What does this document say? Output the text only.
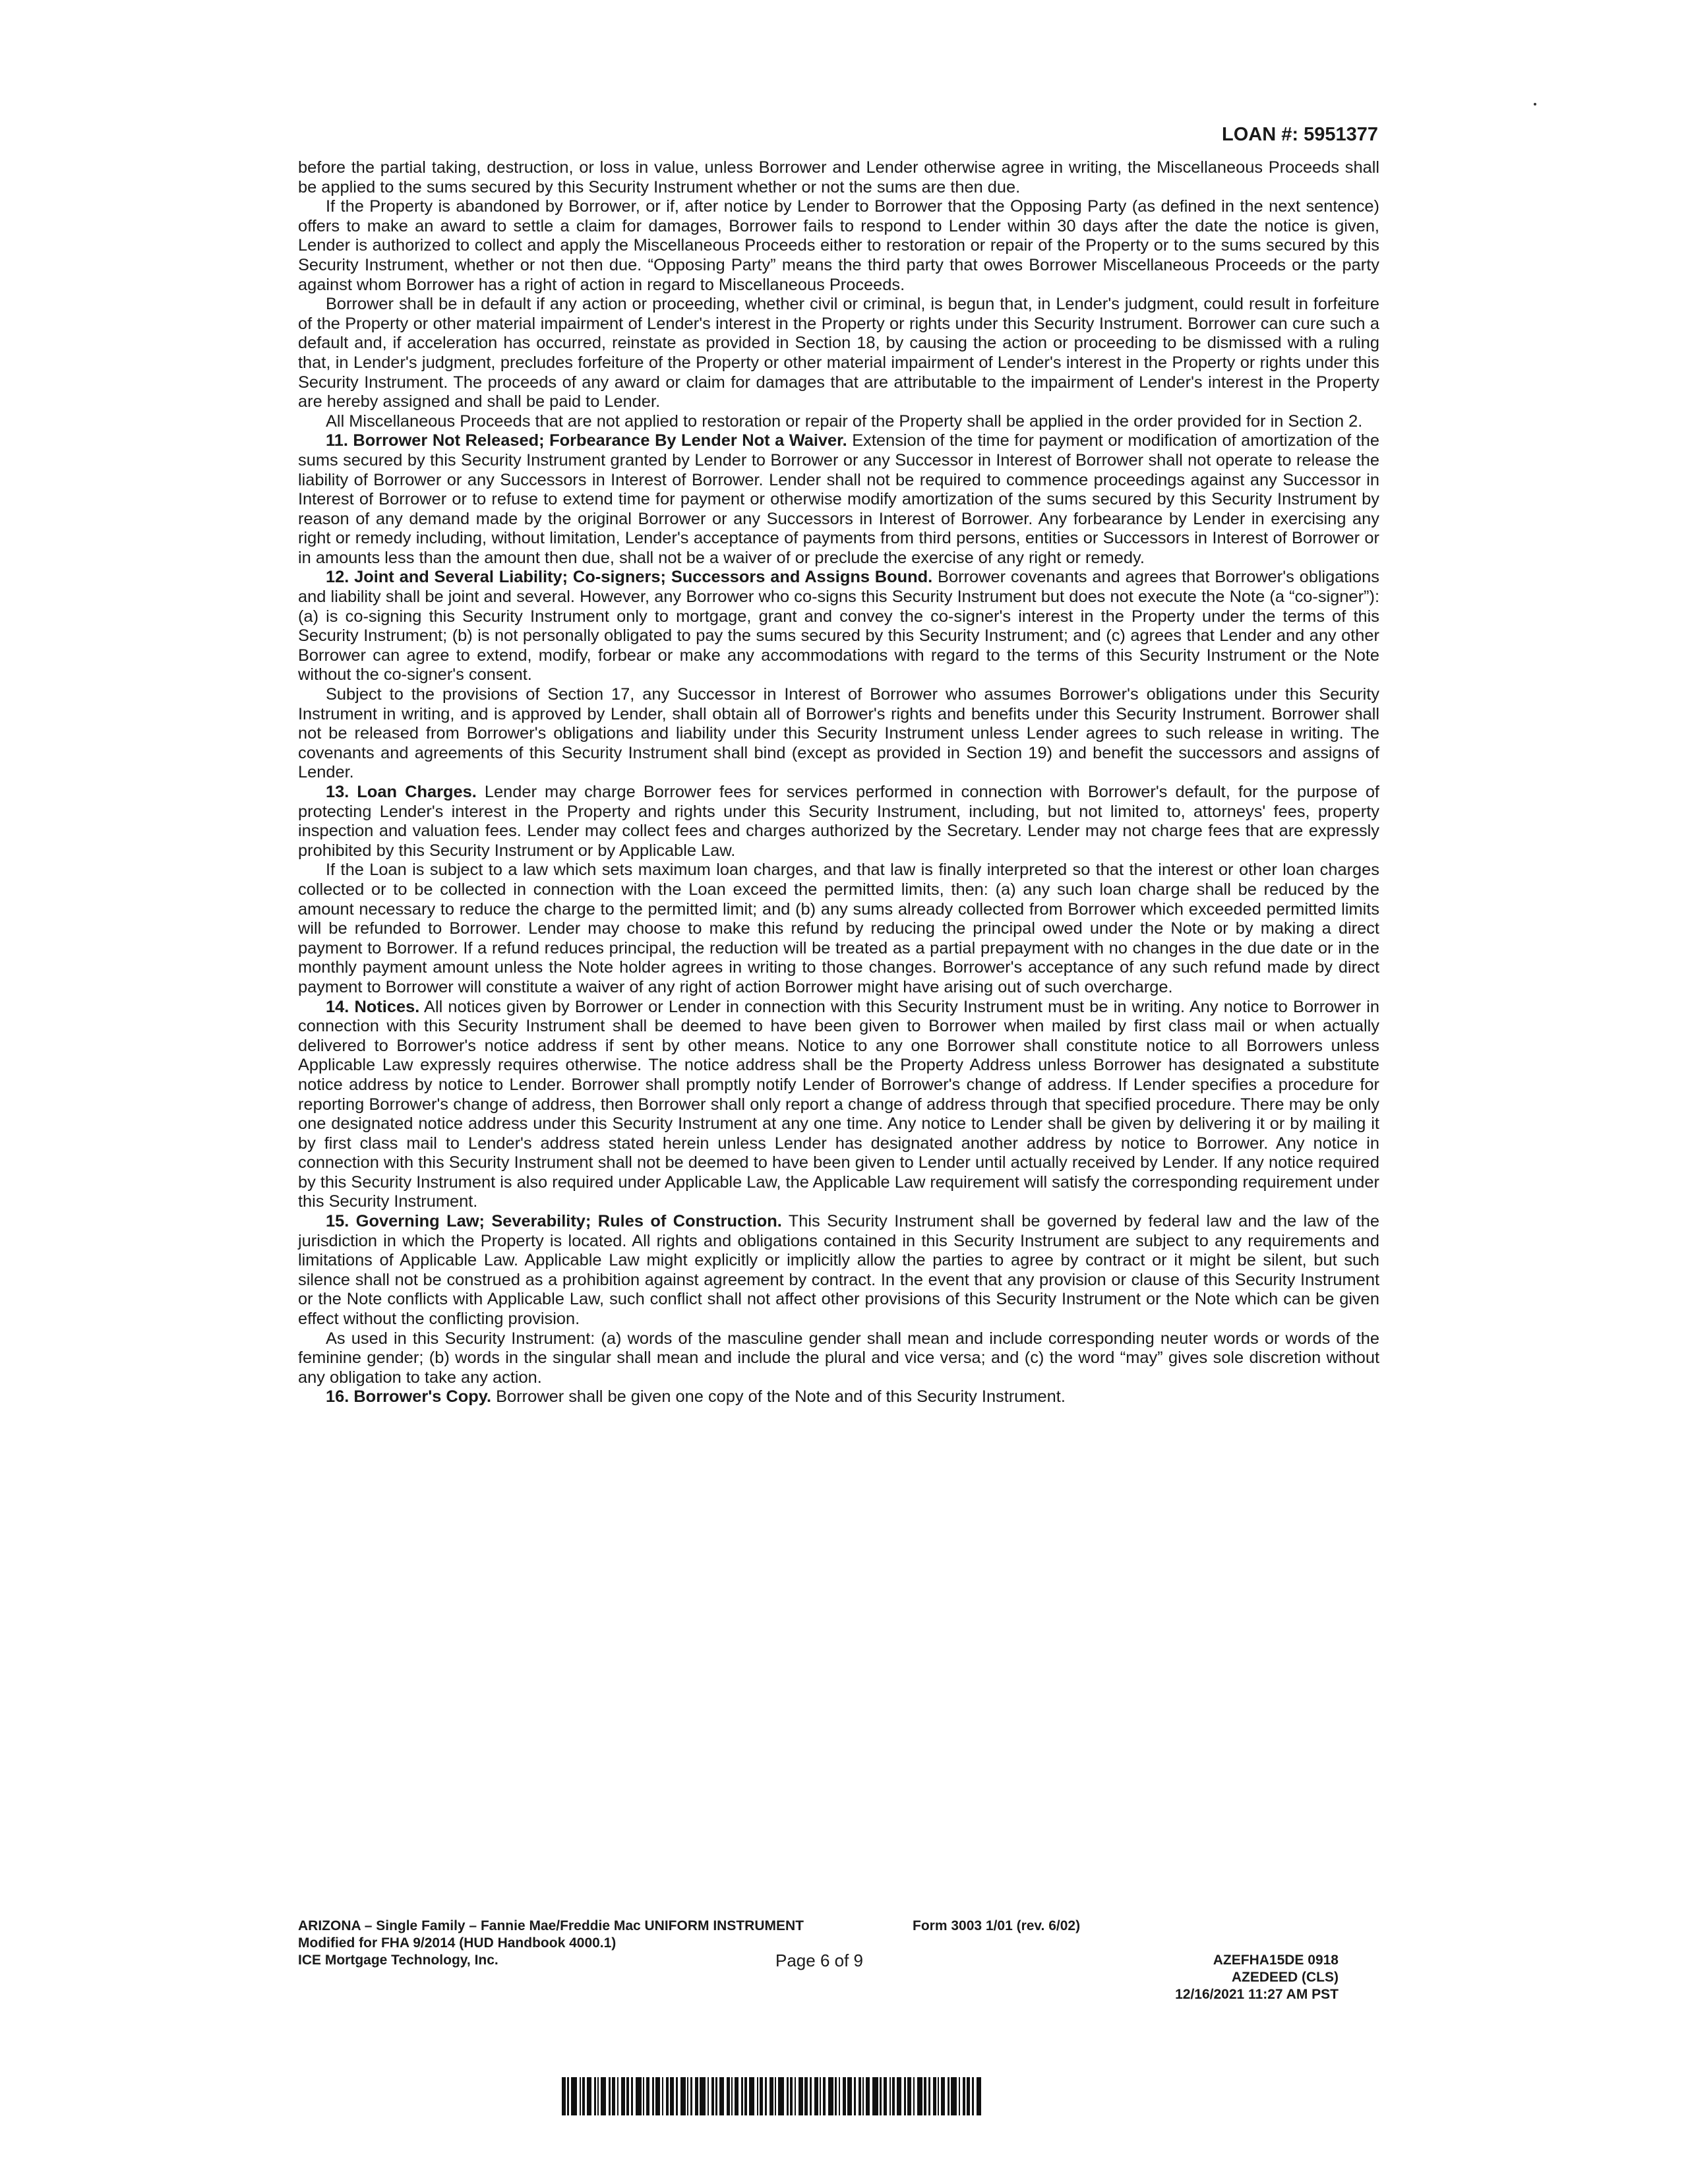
LOAN #: 5951377

before the partial taking, destruction, or loss in value, unless Borrower and Lender otherwise agree in writing, the Miscellaneous Proceeds shall be applied to the sums secured by this Security Instrument whether or not the sums are then due.

If the Property is abandoned by Borrower, or if, after notice by Lender to Borrower that the Opposing Party (as defined in the next sentence) offers to make an award to settle a claim for damages, Borrower fails to respond to Lender within 30 days after the date the notice is given, Lender is authorized to collect and apply the Miscellaneous Proceeds either to restoration or repair of the Property or to the sums secured by this Security Instrument, whether or not then due. “Opposing Party” means the third party that owes Borrower Miscellaneous Proceeds or the party against whom Borrower has a right of action in regard to Miscellaneous Proceeds.

Borrower shall be in default if any action or proceeding, whether civil or criminal, is begun that, in Lender's judgment, could result in forfeiture of the Property or other material impairment of Lender's interest in the Property or rights under this Security Instrument. Borrower can cure such a default and, if acceleration has occurred, reinstate as provided in Section 18, by causing the action or proceeding to be dismissed with a ruling that, in Lender's judgment, precludes forfeiture of the Property or other material impairment of Lender's interest in the Property or rights under this Security Instrument. The proceeds of any award or claim for damages that are attributable to the impairment of Lender's interest in the Property are hereby assigned and shall be paid to Lender.

All Miscellaneous Proceeds that are not applied to restoration or repair of the Property shall be applied in the order provided for in Section 2.

11. Borrower Not Released; Forbearance By Lender Not a Waiver. Extension of the time for payment or modification of amortization of the sums secured by this Security Instrument granted by Lender to Borrower or any Successor in Interest of Borrower shall not operate to release the liability of Borrower or any Successors in Interest of Borrower. Lender shall not be required to commence proceedings against any Successor in Interest of Borrower or to refuse to extend time for payment or otherwise modify amortization of the sums secured by this Security Instrument by reason of any demand made by the original Borrower or any Successors in Interest of Borrower. Any forbearance by Lender in exercising any right or remedy including, without limitation, Lender's acceptance of payments from third persons, entities or Successors in Interest of Borrower or in amounts less than the amount then due, shall not be a waiver of or preclude the exercise of any right or remedy.

12. Joint and Several Liability; Co-signers; Successors and Assigns Bound. Borrower covenants and agrees that Borrower's obligations and liability shall be joint and several. However, any Borrower who co-signs this Security Instrument but does not execute the Note (a “co-signer”): (a) is co-signing this Security Instrument only to mortgage, grant and convey the co-signer's interest in the Property under the terms of this Security Instrument; (b) is not personally obligated to pay the sums secured by this Security Instrument; and (c) agrees that Lender and any other Borrower can agree to extend, modify, forbear or make any accommodations with regard to the terms of this Security Instrument or the Note without the co-signer's consent.

Subject to the provisions of Section 17, any Successor in Interest of Borrower who assumes Borrower's obligations under this Security Instrument in writing, and is approved by Lender, shall obtain all of Borrower's rights and benefits under this Security Instrument. Borrower shall not be released from Borrower's obligations and liability under this Security Instrument unless Lender agrees to such release in writing. The covenants and agreements of this Security Instrument shall bind (except as provided in Section 19) and benefit the successors and assigns of Lender.

13. Loan Charges. Lender may charge Borrower fees for services performed in connection with Borrower's default, for the purpose of protecting Lender's interest in the Property and rights under this Security Instrument, including, but not limited to, attorneys' fees, property inspection and valuation fees. Lender may collect fees and charges authorized by the Secretary. Lender may not charge fees that are expressly prohibited by this Security Instrument or by Applicable Law.

If the Loan is subject to a law which sets maximum loan charges, and that law is finally interpreted so that the interest or other loan charges collected or to be collected in connection with the Loan exceed the permitted limits, then: (a) any such loan charge shall be reduced by the amount necessary to reduce the charge to the permitted limit; and (b) any sums already collected from Borrower which exceeded permitted limits will be refunded to Borrower. Lender may choose to make this refund by reducing the principal owed under the Note or by making a direct payment to Borrower. If a refund reduces principal, the reduction will be treated as a partial prepayment with no changes in the due date or in the monthly payment amount unless the Note holder agrees in writing to those changes. Borrower's acceptance of any such refund made by direct payment to Borrower will constitute a waiver of any right of action Borrower might have arising out of such overcharge.

14. Notices. All notices given by Borrower or Lender in connection with this Security Instrument must be in writing. Any notice to Borrower in connection with this Security Instrument shall be deemed to have been given to Borrower when mailed by first class mail or when actually delivered to Borrower's notice address if sent by other means. Notice to any one Borrower shall constitute notice to all Borrowers unless Applicable Law expressly requires otherwise. The notice address shall be the Property Address unless Borrower has designated a substitute notice address by notice to Lender. Borrower shall promptly notify Lender of Borrower's change of address. If Lender specifies a procedure for reporting Borrower's change of address, then Borrower shall only report a change of address through that specified procedure. There may be only one designated notice address under this Security Instrument at any one time. Any notice to Lender shall be given by delivering it or by mailing it by first class mail to Lender's address stated herein unless Lender has designated another address by notice to Borrower. Any notice in connection with this Security Instrument shall not be deemed to have been given to Lender until actually received by Lender. If any notice required by this Security Instrument is also required under Applicable Law, the Applicable Law requirement will satisfy the corresponding requirement under this Security Instrument.

15. Governing Law; Severability; Rules of Construction. This Security Instrument shall be governed by federal law and the law of the jurisdiction in which the Property is located. All rights and obligations contained in this Security Instrument are subject to any requirements and limitations of Applicable Law. Applicable Law might explicitly or implicitly allow the parties to agree by contract or it might be silent, but such silence shall not be construed as a prohibition against agreement by contract. In the event that any provision or clause of this Security Instrument or the Note conflicts with Applicable Law, such conflict shall not affect other provisions of this Security Instrument or the Note which can be given effect without the conflicting provision.

As used in this Security Instrument: (a) words of the masculine gender shall mean and include corresponding neuter words or words of the feminine gender; (b) words in the singular shall mean and include the plural and vice versa; and (c) the word “may” gives sole discretion without any obligation to take any action.

16. Borrower's Copy. Borrower shall be given one copy of the Note and of this Security Instrument.

ARIZONA – Single Family – Fannie Mae/Freddie Mac UNIFORM INSTRUMENT
Modified for FHA 9/2014 (HUD Handbook 4000.1)
ICE Mortgage Technology, Inc.
Form 3003 1/01 (rev. 6/02)
Page 6 of 9	AZEFHA15DE 0918
AZEDEED (CLS)
12/16/2021 11:27 AM PST
